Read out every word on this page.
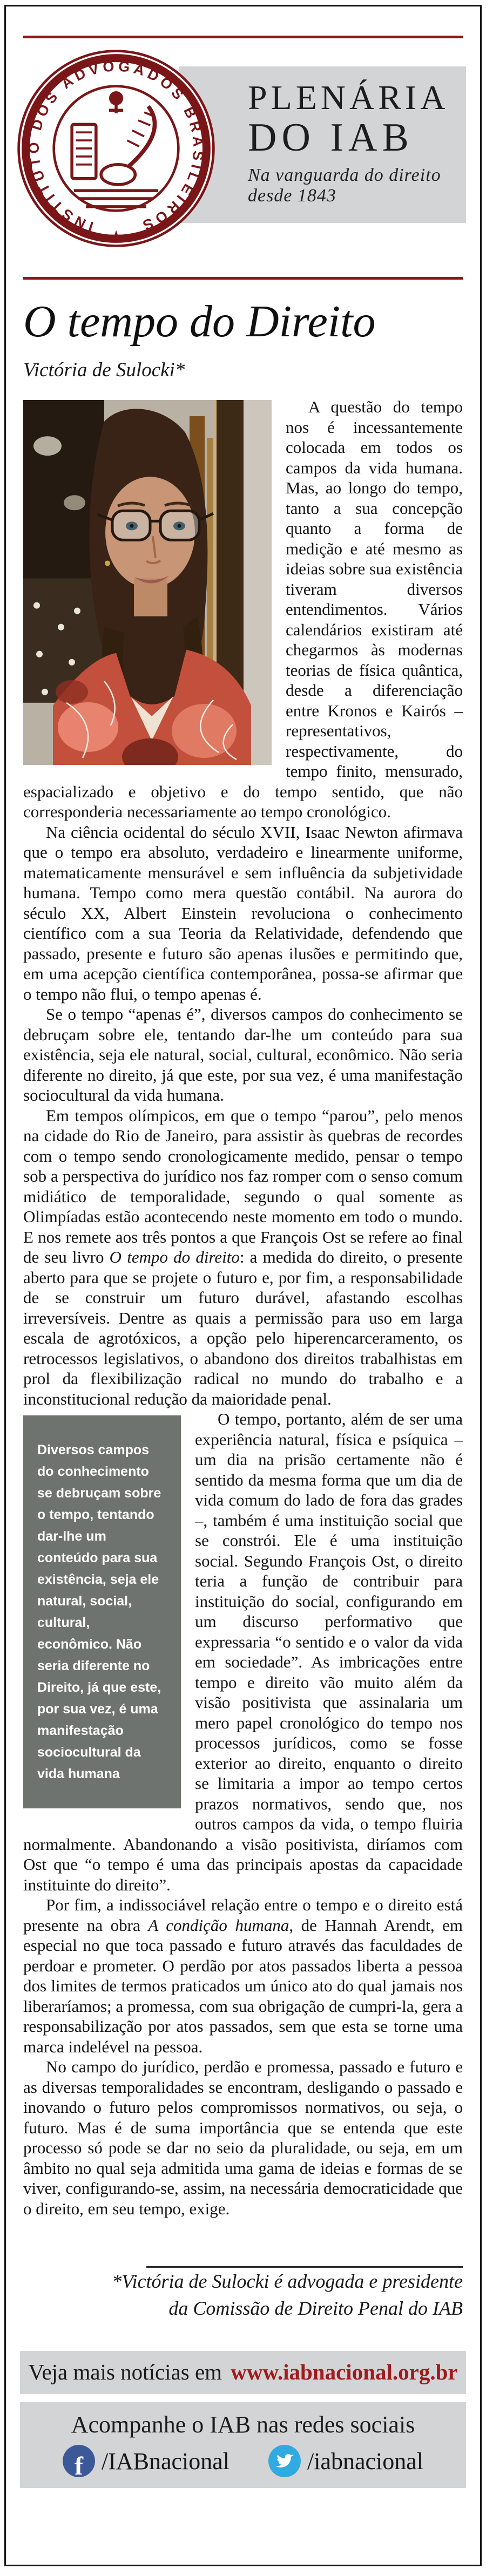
PLENÁRIA
DO IAB
Na vanguarda do direito desde 1843
INSTITUTO DOS ADVOGADOS BRASILEIROS
★
O tempo do Direito
Victória de Sulocki*

A questão do tempo nos é incessantemente colocada em todos os campos da vida humana. Mas, ao longo do tempo, tanto a sua concepção quanto a forma de medição e até mesmo as ideias sobre sua existência tiveram diversos entendimentos. Vários calendários existiram até chegarmos às modernas teorias de física quântica, desde a diferenciação entre Kronos e Kairós – representativos, respectivamente, do tempo finito, mensurado, espacializado e objetivo e do tempo sentido, que não corresponderia necessariamente ao tempo cronológico.

Na ciência ocidental do século XVII, Isaac Newton afirmava que o tempo era absoluto, verdadeiro e linearmente uniforme, matematicamente mensurável e sem influência da subjetividade humana. Tempo como mera questão contábil. Na aurora do século XX, Albert Einstein revoluciona o conhecimento científico com a sua Teoria da Relatividade, defendendo que passado, presente e futuro são apenas ilusões e permitindo que, em uma acepção científica contemporânea, possa-se afirmar que o tempo não flui, o tempo apenas é.

Se o tempo “apenas é”, diversos campos do conhecimento se debruçam sobre ele, tentando dar-lhe um conteúdo para sua existência, seja ele natural, social, cultural, econômico. Não seria diferente no direito, já que este, por sua vez, é uma manifestação sociocultural da vida humana.

Em tempos olímpicos, em que o tempo “parou”, pelo menos na cidade do Rio de Janeiro, para assistir às quebras de recordes com o tempo sendo cronologicamente medido, pensar o tempo sob a perspectiva do jurídico nos faz romper com o senso comum midiático de temporalidade, segundo o qual somente as Olimpíadas estão acontecendo neste momento em todo o mundo. E nos remete aos três pontos a que François Ost se refere ao final de seu livro O tempo do direito: a medida do direito, o presente aberto para que se projete o futuro e, por fim, a responsabilidade de se construir um futuro durável, afastando escolhas irreversíveis. Dentre as quais a permissão para uso em larga escala de agrotóxicos, a opção pelo hiperencarceramento, os retrocessos legislativos, o abandono dos direitos trabalhistas em prol da flexibilização radical no mundo do trabalho e a inconstitucional redução da maioridade penal.

Diversos campos do conhecimento se debruçam sobre o tempo, tentando dar-lhe um conteúdo para sua existência, seja ele natural, social, cultural, econômico. Não seria diferente no Direito, já que este, por sua vez, é uma manifestação sociocultural da vida humana

O tempo, portanto, além de ser uma experiência natural, física e psíquica – um dia na prisão certamente não é sentido da mesma forma que um dia de vida comum do lado de fora das grades –, também é uma instituição social que se constrói. Ele é uma instituição social. Segundo François Ost, o direito teria a função de contribuir para instituição do social, configurando em um discurso performativo que expressaria “o sentido e o valor da vida em sociedade”. As imbricações entre tempo e direito vão muito além da visão positivista que assinalaria um mero papel cronológico do tempo nos processos jurídicos, como se fosse exterior ao direito, enquanto o direito se limitaria a impor ao tempo certos prazos normativos, sendo que, nos outros campos da vida, o tempo fluiria normalmente. Abandonando a visão positivista, diríamos com Ost que “o tempo é uma das principais apostas da capacidade instituinte do direito”.

Por fim, a indissociável relação entre o tempo e o direito está presente na obra A condição humana, de Hannah Arendt, em especial no que toca passado e futuro através das faculdades de perdoar e prometer. O perdão por atos passados liberta a pessoa dos limites de termos praticados um único ato do qual jamais nos liberaríamos; a promessa, com sua obrigação de cumpri-la, gera a responsabilização por atos passados, sem que esta se torne uma marca indelével na pessoa.

No campo do jurídico, perdão e promessa, passado e futuro e as diversas temporalidades se encontram, desligando o passado e inovando o futuro pelos compromissos normativos, ou seja, o futuro. Mas é de suma importância que se entenda que este processo só pode se dar no seio da pluralidade, ou seja, em um âmbito no qual seja admitida uma gama de ideias e formas de se viver, configurando-se, assim, na necessária democraticidade que o direito, em seu tempo, exige.

*Victória de Sulocki é advogada e presidente
da Comissão de Direito Penal do IAB
Veja mais notícias em www.iabnacional.org.br
Acompanhe o IAB nas redes sociais
f /IABnacional	/iabnacional
